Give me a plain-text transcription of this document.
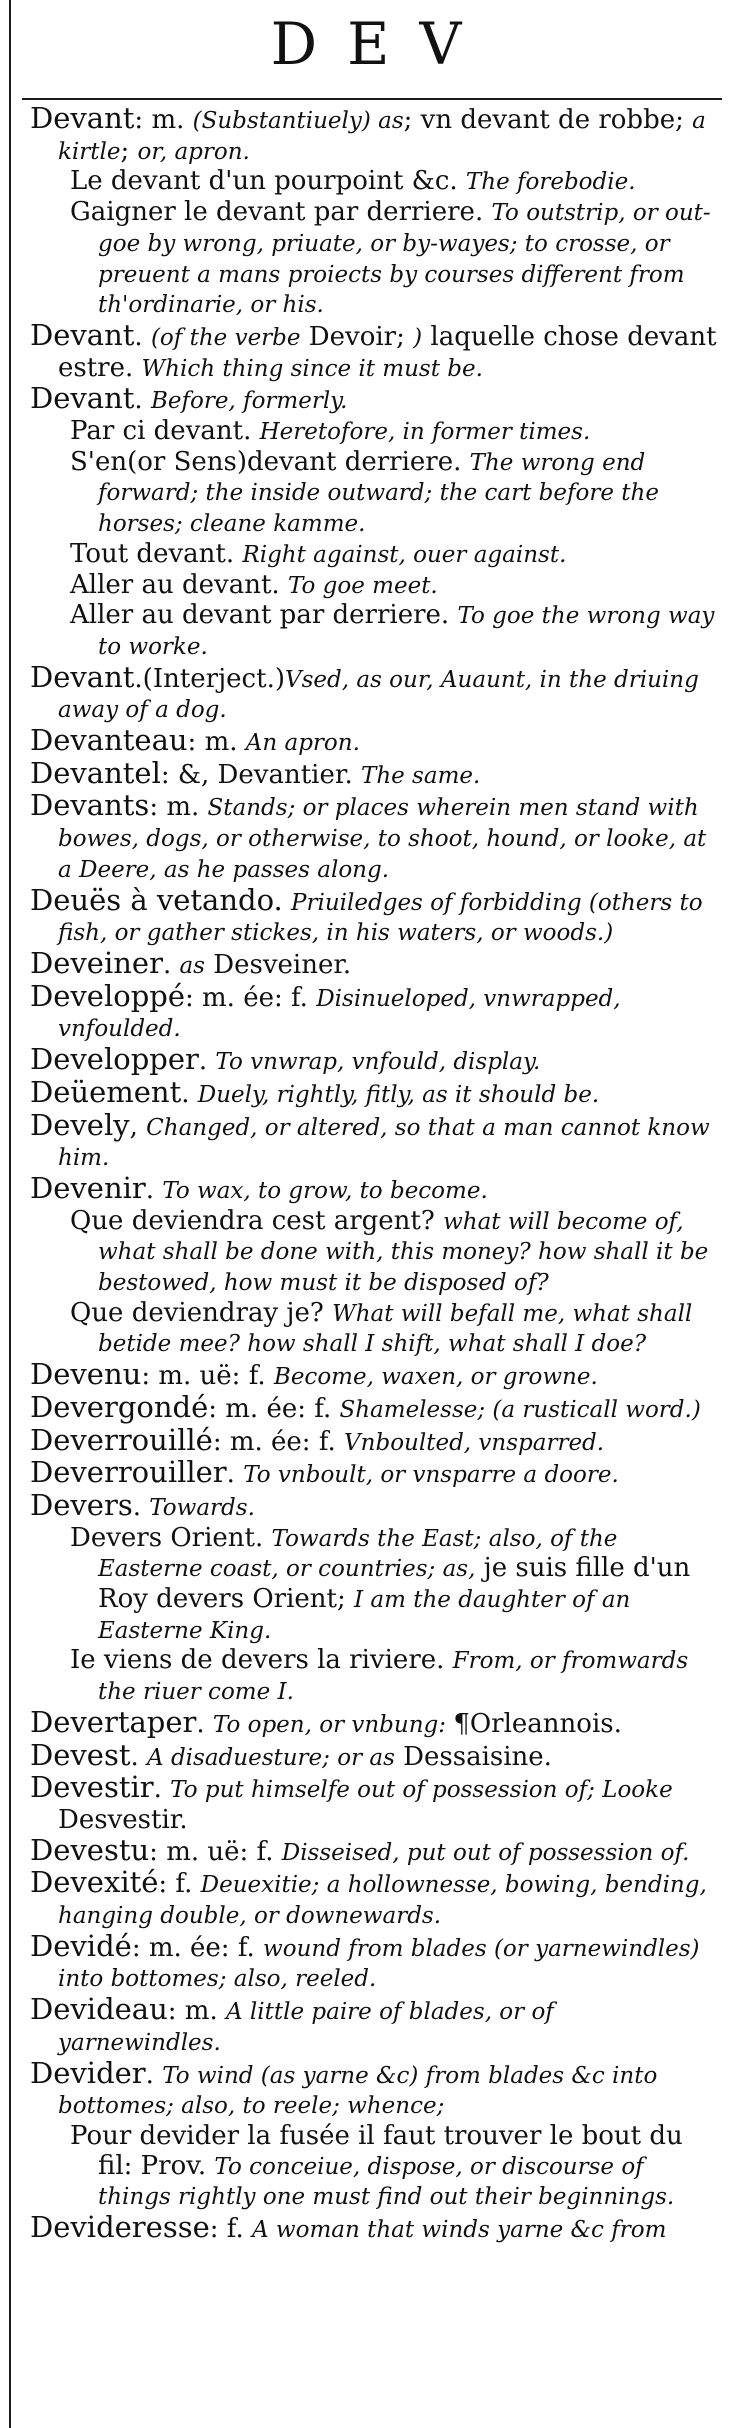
DEV

Devant: m. (Substantiuely) as; vn devant de robbe; a kirtle; or, apron.

Le devant d'un pourpoint &c. The forebodie.

Gaigner le devant par derriere. To outstrip, or out-goe by wrong, priuate, or by-wayes; to crosse, or preuent a mans proiects by courses different from th'ordinarie, or his.

Devant. (of the verbe Devoir; ) laquelle chose devant estre. Which thing since it must be.

Devant. Before, formerly.

Par ci devant. Heretofore, in former times.

S'en(or Sens)devant derriere. The wrong end forward; the inside outward; the cart before the horses; cleane kamme.

Tout devant. Right against, ouer against.

Aller au devant. To goe meet.

Aller au devant par derriere. To goe the wrong way to worke.

Devant.(Interject.)Vsed, as our, Auaunt, in the driuing away of a dog.

Devanteau: m. An apron.

Devantel: &, Devantier. The same.

Devants: m. Stands; or places wherein men stand with bowes, dogs, or otherwise, to shoot, hound, or looke, at a Deere, as he passes along.

Deuës à vetando. Priuiledges of forbidding (others to fish, or gather stickes, in his waters, or woods.)

Deveiner. as Desveiner.

Developpé: m. ée: f. Disinueloped, vnwrapped, vnfoulded.

Developper. To vnwrap, vnfould, display.

Deüement. Duely, rightly, fitly, as it should be.

Devely, Changed, or altered, so that a man cannot know him.

Devenir. To wax, to grow, to become.

Que deviendra cest argent? what will become of, what shall be done with, this money? how shall it be bestowed, how must it be disposed of?

Que deviendray je? What will befall me, what shall betide mee? how shall I shift, what shall I doe?

Devenu: m. uë: f. Become, waxen, or growne.

Devergondé: m. ée: f. Shamelesse; (a rusticall word.)

Deverrouillé: m. ée: f. Vnboulted, vnsparred.

Deverrouiller. To vnboult, or vnsparre a doore.

Devers. Towards.

Devers Orient. Towards the East; also, of the Easterne coast, or countries; as, je suis fille d'un Roy devers Orient; I am the daughter of an Easterne King.

Ie viens de devers la riviere. From, or fromwards the riuer come I.

Devertaper. To open, or vnbung: ¶Orleannois.

Devest. A disaduesture; or as Dessaisine.

Devestir. To put himselfe out of possession of; Looke Desvestir.

Devestu: m. uë: f. Disseised, put out of possession of.

Devexité: f. Deuexitie; a hollownesse, bowing, bending, hanging double, or downewards.

Devidé: m. ée: f. wound from blades (or yarnewindles) into bottomes; also, reeled.

Devideau: m. A little paire of blades, or of yarnewindles.

Devider. To wind (as yarne &c) from blades &c into bottomes; also, to reele; whence;

Pour devider la fusée il faut trouver le bout du fil: Prov. To conceiue, dispose, or discourse of things rightly one must find out their beginnings.

Devideresse: f. A woman that winds yarne &c from
